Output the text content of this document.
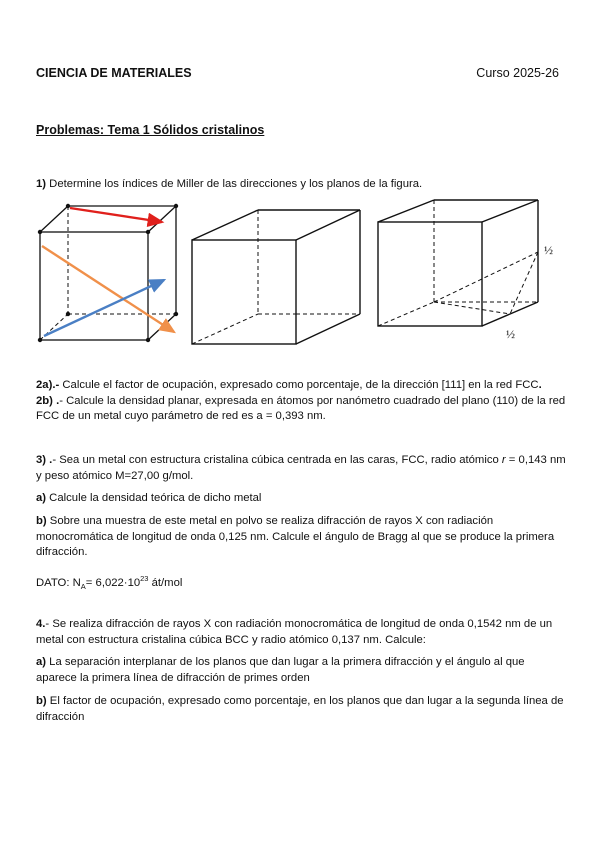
CIENCIA DE MATERIALES	Curso 2025-26
Problemas: Tema 1 Sólidos cristalinos
1) Determine los índices de Miller de las direcciones y los planos de la figura.
½
½
2a).- Calcule el factor de ocupación, expresado como porcentaje, de la dirección [111] en la red FCC.
2b) .- Calcule la densidad planar, expresada en átomos por nanómetro cuadrado del plano (110) de la red FCC de un metal cuyo parámetro de red es a = 0,393 nm.
3) .- Sea un metal con estructura cristalina cúbica centrada en las caras, FCC, radio atómico r = 0,143 nm y peso atómico M=27,00 g/mol.
a) Calcule la densidad teórica de dicho metal
b) Sobre una muestra de este metal en polvo se realiza difracción de rayos X con radiación monocromática de longitud de onda 0,125 nm. Calcule el ángulo de Bragg al que se produce la primera difracción.
DATO: $N_A= 6,022\cdot 10^{23}$ át/mol
4.- Se realiza difracción de rayos X con radiación monocromática de longitud de onda 0,1542 nm de un metal con estructura cristalina cúbica BCC y radio atómico 0,137 nm. Calcule:
a) La separación interplanar de los planos que dan lugar a la primera difracción y el ángulo al que aparece la primera línea de difracción de primes orden
b) El factor de ocupación, expresado como porcentaje, en los planos que dan lugar a la segunda línea de difracción
